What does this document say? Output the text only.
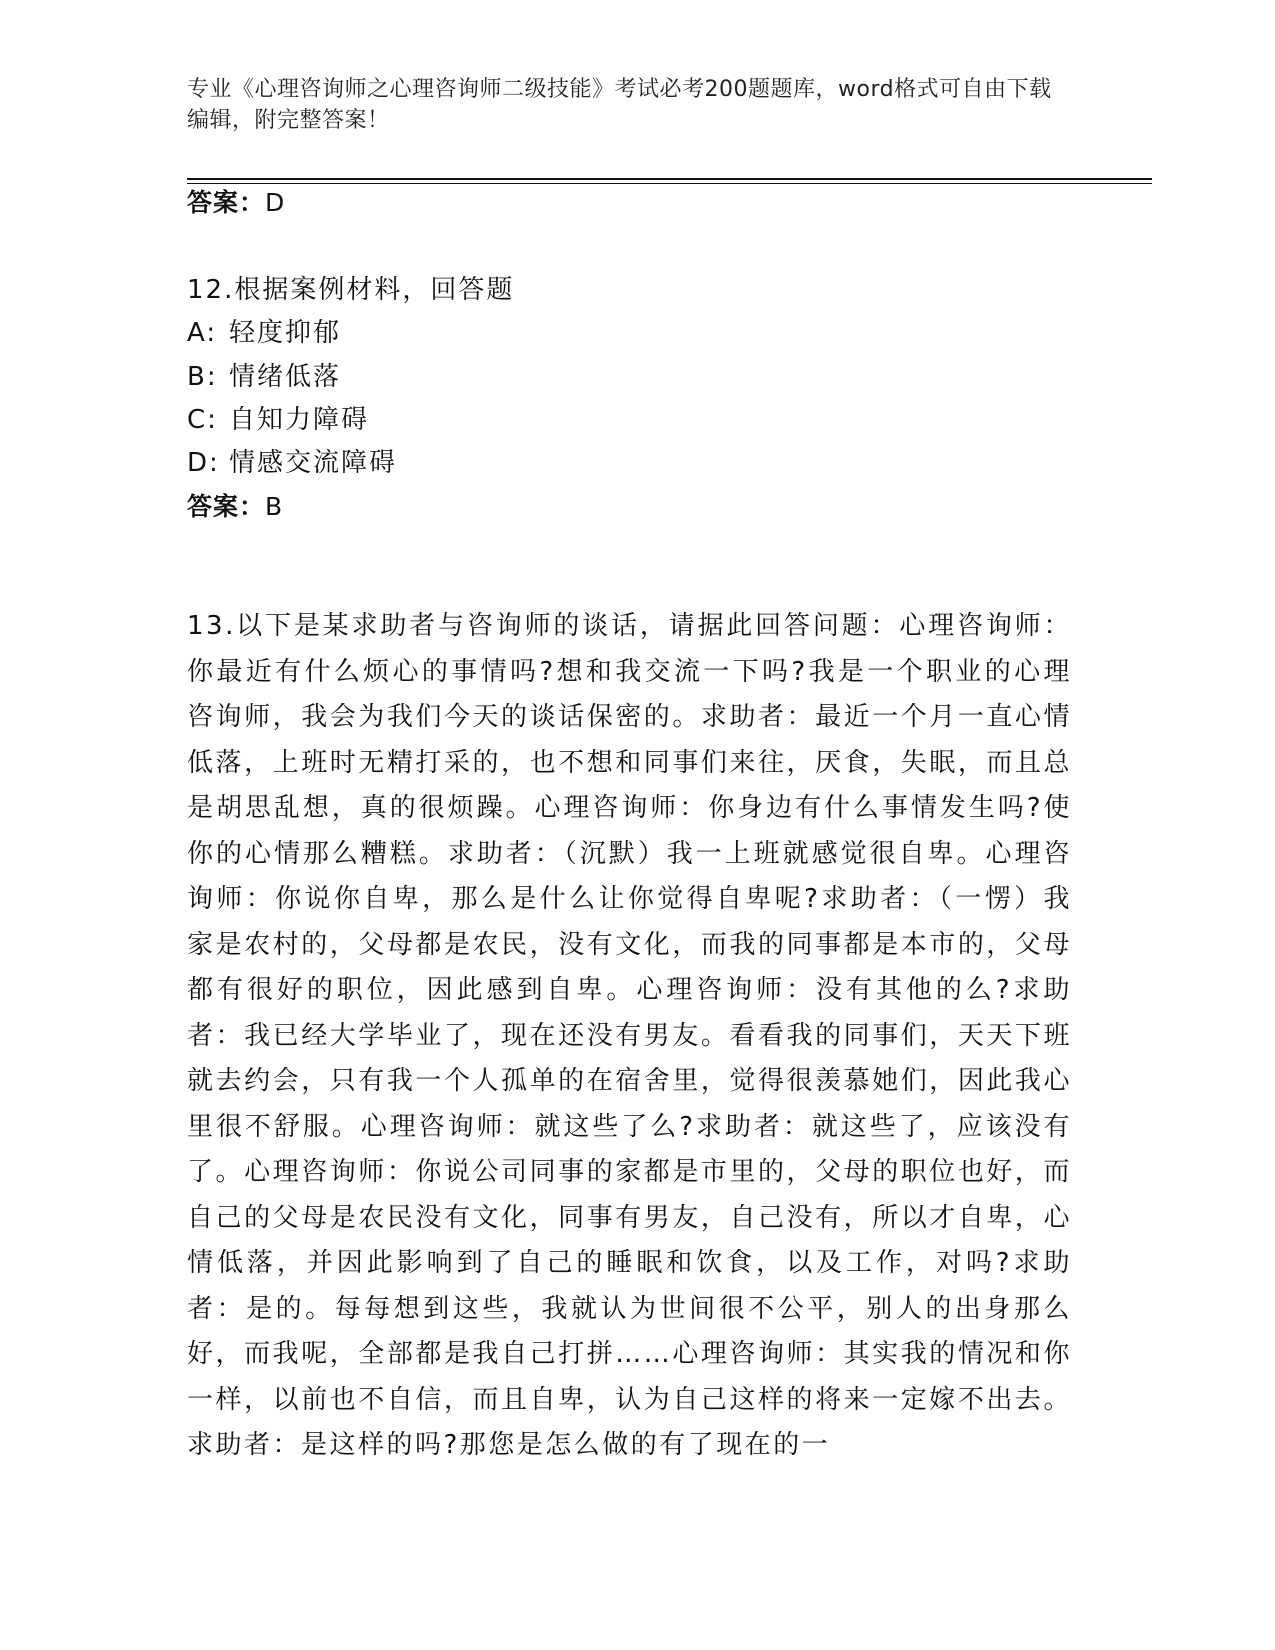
专业《心理咨询师之心理咨询师二级技能》考试必考200题题库，word格式可自由下载编辑，附完整答案！
答案：D
12.根据案例材料，回答题
A: 轻度抑郁
B: 情绪低落
C: 自知力障碍
D: 情感交流障碍
答案：B
13.以下是某求助者与咨询师的谈话，请据此回答问题：心理咨询师：你最近有什么烦心的事情吗?想和我交流一下吗?我是一个职业的心理咨询师，我会为我们今天的谈话保密的。求助者：最近一个月一直心情低落，上班时无精打采的，也不想和同事们来往，厌食，失眠，而且总是胡思乱想，真的很烦躁。心理咨询师：你身边有什么事情发生吗?使你的心情那么糟糕。求助者：（沉默）我一上班就感觉很自卑。心理咨询师：你说你自卑，那么是什么让你觉得自卑呢?求助者：（一愣）我家是农村的，父母都是农民，没有文化，而我的同事都是本市的，父母都有很好的职位，因此感到自卑。心理咨询师：没有其他的么?求助者：我已经大学毕业了，现在还没有男友。看看我的同事们，天天下班就去约会，只有我一个人孤单的在宿舍里，觉得很羡慕她们，因此我心里很不舒服。心理咨询师：就这些了么?求助者：就这些了，应该没有了。心理咨询师：你说公司同事的家都是市里的，父母的职位也好，而自己的父母是农民没有文化，同事有男友，自己没有，所以才自卑，心情低落，并因此影响到了自己的睡眠和饮食，以及工作，对吗?求助者：是的。每每想到这些，我就认为世间很不公平，别人的出身那么好，而我呢，全部都是我自己打拼……心理咨询师：其实我的情况和你一样，以前也不自信，而且自卑，认为自己这样的将来一定嫁不出去。求助者：是这样的吗?那您是怎么做的有了现在的一
